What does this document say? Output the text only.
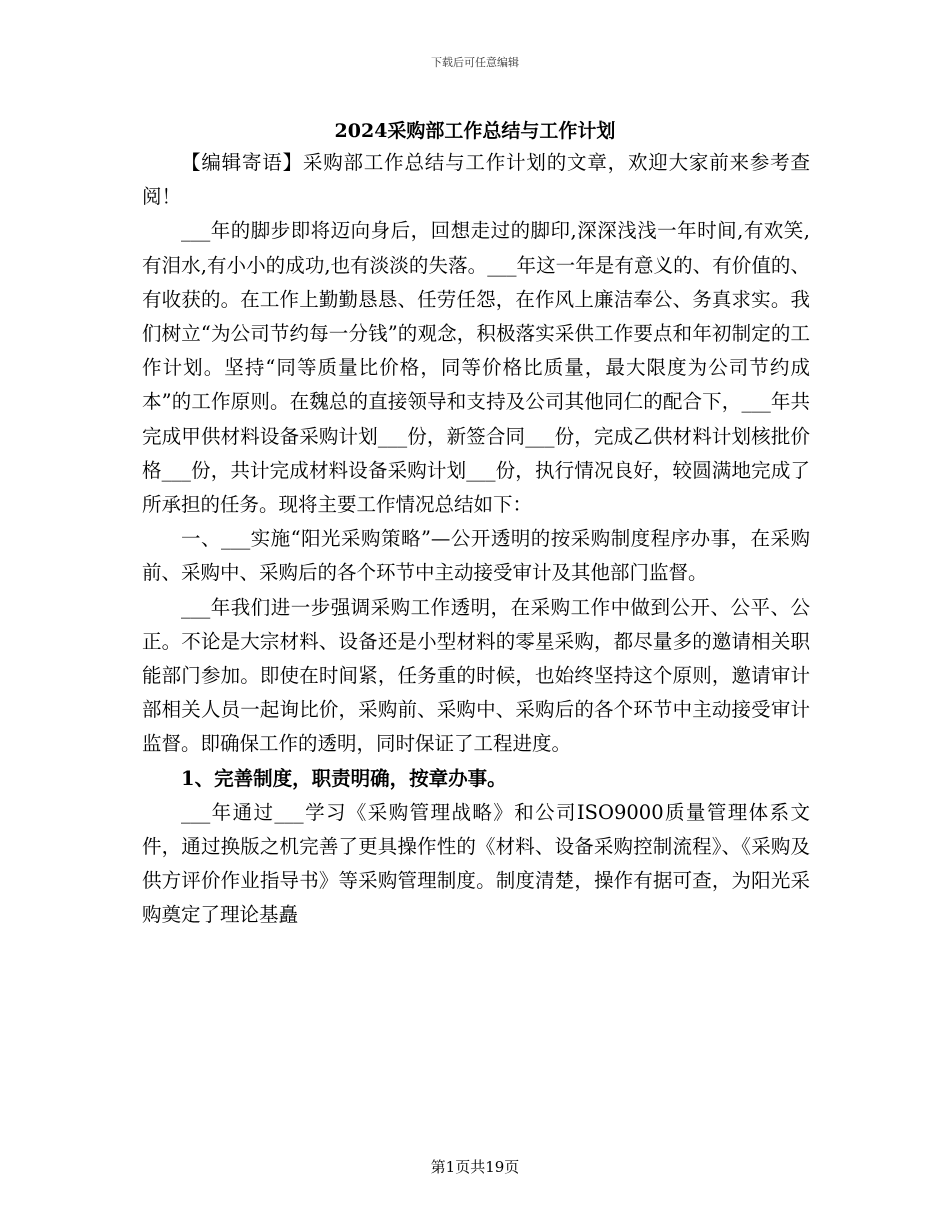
下载后可任意编辑
2024采购部工作总结与工作计划

【编辑寄语】采购部工作总结与工作计划的文章，欢迎大家前来参考查阅！

___年的脚步即将迈向身后，回想走过的脚印,深深浅浅一年时间,有欢笑,有泪水,有小小的成功,也有淡淡的失落。___年这一年是有意义的、有价值的、有收获的。在工作上勤勤恳恳、任劳任怨，在作风上廉洁奉公、务真求实。我们树立“为公司节约每一分钱”的观念，积极落实采供工作要点和年初制定的工作计划。坚持“同等质量比价格，同等价格比质量，最大限度为公司节约成本”的工作原则。在魏总的直接领导和支持及公司其他同仁的配合下，___年共完成甲供材料设备采购计划___份，新签合同___份，完成乙供材料计划核批价格___份，共计完成材料设备采购计划___份，执行情况良好，较圆满地完成了所承担的任务。现将主要工作情况总结如下：

一、___实施“阳光采购策略”—公开透明的按采购制度程序办事，在采购前、采购中、采购后的各个环节中主动接受审计及其他部门监督。

___年我们进一步强调采购工作透明，在采购工作中做到公开、公平、公正。不论是大宗材料、设备还是小型材料的零星采购，都尽量多的邀请相关职能部门参加。即使在时间紧，任务重的时候，也始终坚持这个原则，邀请审计部相关人员一起询比价，采购前、采购中、采购后的各个环节中主动接受审计监督。即确保工作的透明，同时保证了工程进度。

1、完善制度，职责明确，按章办事。

___年通过___学习《采购管理战略》和公司ISO9000质量管理体系文件，通过换版之机完善了更具操作性的《材料、设备采购控制流程》、《采购及供方评价作业指导书》等采购管理制度。制度清楚，操作有据可查，为阳光采购奠定了理论基矗

第1页共19页
